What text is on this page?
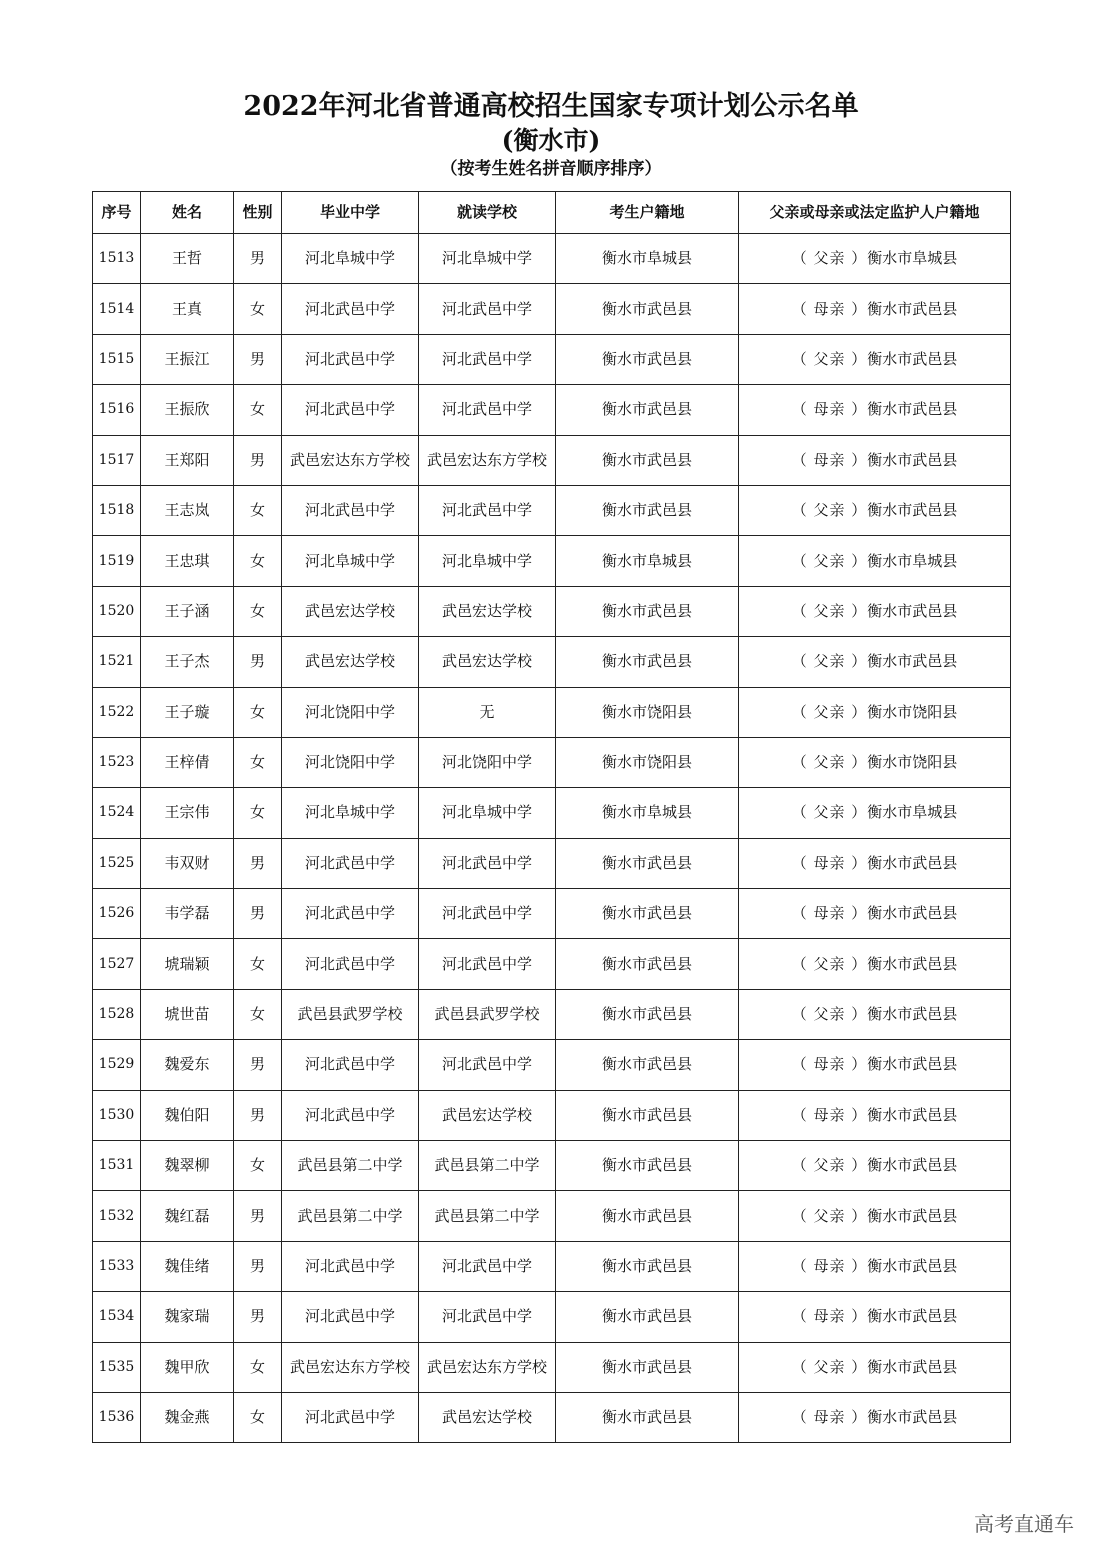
2022年河北省普通高校招生国家专项计划公示名单

(衡水市)

（按考生姓名拼音顺序排序）

序号	姓名	性别	毕业中学	就读学校	考生户籍地	父亲或母亲或法定监护人户籍地
1513	王哲	男	河北阜城中学	河北阜城中学	衡水市阜城县	（ 父亲 ）衡水市阜城县
1514	王真	女	河北武邑中学	河北武邑中学	衡水市武邑县	（ 母亲 ）衡水市武邑县
1515	王振江	男	河北武邑中学	河北武邑中学	衡水市武邑县	（ 父亲 ）衡水市武邑县
1516	王振欣	女	河北武邑中学	河北武邑中学	衡水市武邑县	（ 母亲 ）衡水市武邑县
1517	王郑阳	男	武邑宏达东方学校	武邑宏达东方学校	衡水市武邑县	（ 母亲 ）衡水市武邑县
1518	王志岚	女	河北武邑中学	河北武邑中学	衡水市武邑县	（ 父亲 ）衡水市武邑县
1519	王忠琪	女	河北阜城中学	河北阜城中学	衡水市阜城县	（ 父亲 ）衡水市阜城县
1520	王子涵	女	武邑宏达学校	武邑宏达学校	衡水市武邑县	（ 父亲 ）衡水市武邑县
1521	王子杰	男	武邑宏达学校	武邑宏达学校	衡水市武邑县	（ 父亲 ）衡水市武邑县
1522	王子璇	女	河北饶阳中学	无	衡水市饶阳县	（ 父亲 ）衡水市饶阳县
1523	王梓倩	女	河北饶阳中学	河北饶阳中学	衡水市饶阳县	（ 父亲 ）衡水市饶阳县
1524	王宗伟	女	河北阜城中学	河北阜城中学	衡水市阜城县	（ 父亲 ）衡水市阜城县
1525	韦双财	男	河北武邑中学	河北武邑中学	衡水市武邑县	（ 母亲 ）衡水市武邑县
1526	韦学磊	男	河北武邑中学	河北武邑中学	衡水市武邑县	（ 母亲 ）衡水市武邑县
1527	㙈瑞颖	女	河北武邑中学	河北武邑中学	衡水市武邑县	（ 父亲 ）衡水市武邑县
1528	㙈世苗	女	武邑县武罗学校	武邑县武罗学校	衡水市武邑县	（ 父亲 ）衡水市武邑县
1529	魏爱东	男	河北武邑中学	河北武邑中学	衡水市武邑县	（ 母亲 ）衡水市武邑县
1530	魏伯阳	男	河北武邑中学	武邑宏达学校	衡水市武邑县	（ 母亲 ）衡水市武邑县
1531	魏翠柳	女	武邑县第二中学	武邑县第二中学	衡水市武邑县	（ 父亲 ）衡水市武邑县
1532	魏红磊	男	武邑县第二中学	武邑县第二中学	衡水市武邑县	（ 父亲 ）衡水市武邑县
1533	魏佳绪	男	河北武邑中学	河北武邑中学	衡水市武邑县	（ 母亲 ）衡水市武邑县
1534	魏家瑞	男	河北武邑中学	河北武邑中学	衡水市武邑县	（ 母亲 ）衡水市武邑县
1535	魏甲欣	女	武邑宏达东方学校	武邑宏达东方学校	衡水市武邑县	（ 父亲 ）衡水市武邑县
1536	魏金燕	女	河北武邑中学	武邑宏达学校	衡水市武邑县	（ 母亲 ）衡水市武邑县
高考直通车
